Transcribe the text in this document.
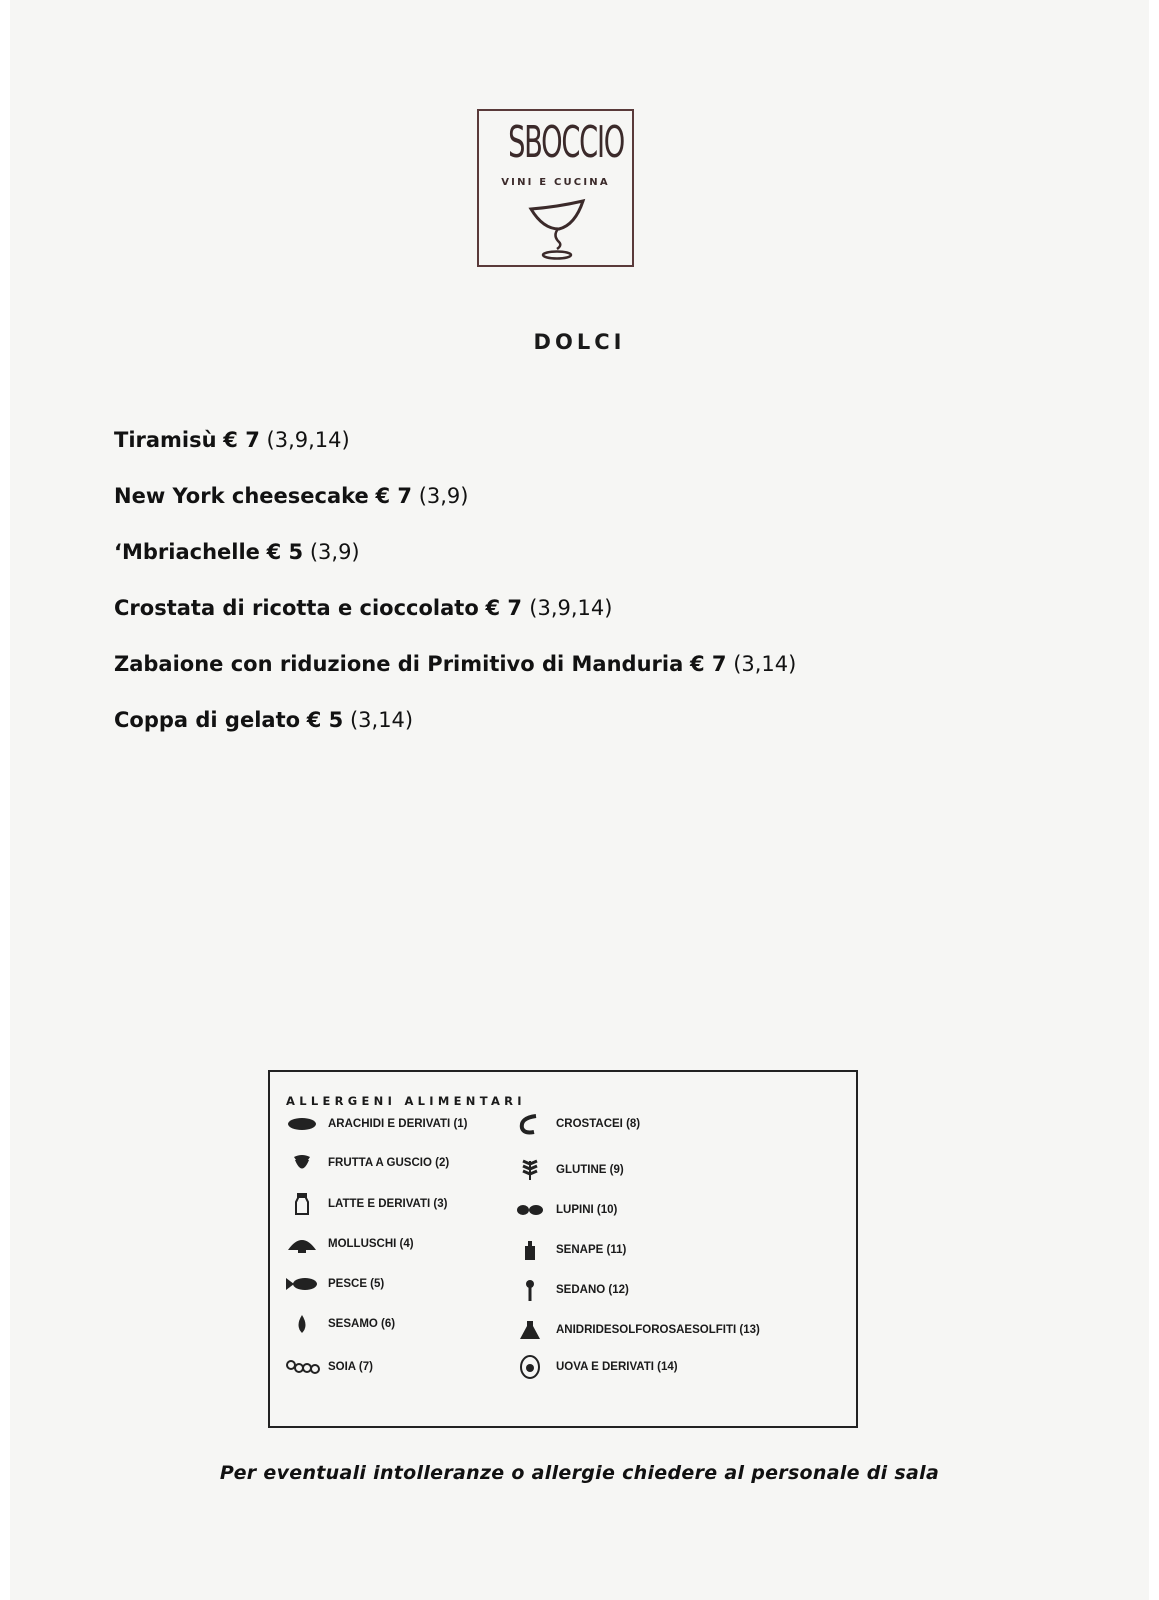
SBOCCIO
VINI E CUCINA
DOLCI
Tiramisù € 7 (3,9,14)
New York cheesecake € 7 (3,9)
‘Mbriachelle € 5 (3,9)
Crostata di ricotta e cioccolato € 7 (3,9,14)
Zabaione con riduzione di Primitivo di Manduria € 7 (3,14)
Coppa di gelato € 5 (3,14)
ALLERGENI ALIMENTARI
ARACHIDI E DERIVATI (1)
FRUTTA A GUSCIO (2)
LATTE E DERIVATI (3)
MOLLUSCHI (4)
PESCE (5)
SESAMO (6)
SOIA (7)
CROSTACEI (8)
GLUTINE (9)
LUPINI (10)
SENAPE (11)
SEDANO (12)
ANIDRIDESOLFOROSAESOLFITI (13)
UOVA E DERIVATI (14)
Per eventuali intolleranze o allergie chiedere al personale di sala
